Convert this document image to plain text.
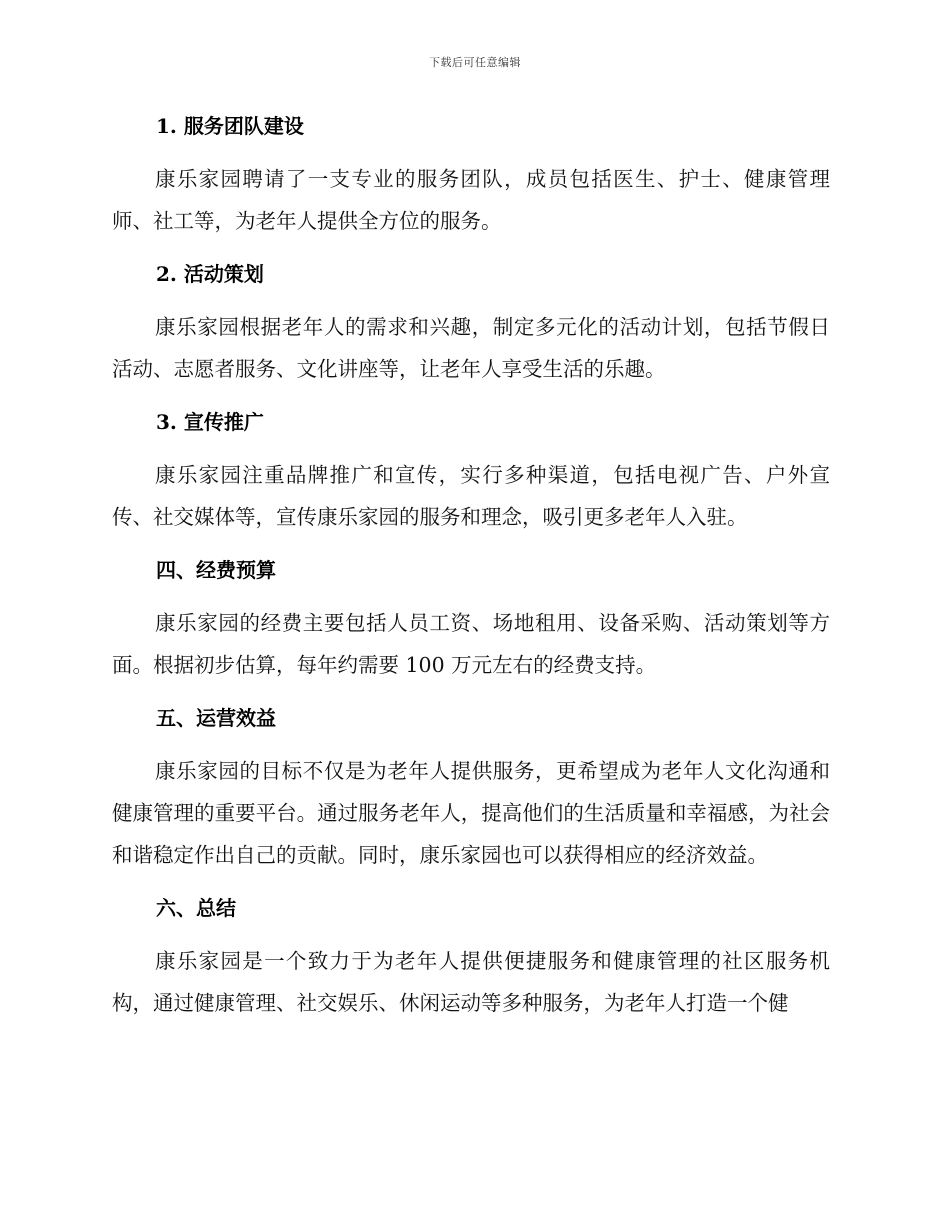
下载后可任意编辑
1. 服务团队建设

康乐家园聘请了一支专业的服务团队，成员包括医生、护士、健康管理师、社工等，为老年人提供全方位的服务。

2. 活动策划

康乐家园根据老年人的需求和兴趣，制定多元化的活动计划，包括节假日活动、志愿者服务、文化讲座等，让老年人享受生活的乐趣。

3. 宣传推广

康乐家园注重品牌推广和宣传，实行多种渠道，包括电视广告、户外宣传、社交媒体等，宣传康乐家园的服务和理念，吸引更多老年人入驻。

四、经费预算

康乐家园的经费主要包括人员工资、场地租用、设备采购、活动策划等方面。根据初步估算，每年约需要 100 万元左右的经费支持。

五、运营效益

康乐家园的目标不仅是为老年人提供服务，更希望成为老年人文化沟通和健康管理的重要平台。通过服务老年人，提高他们的生活质量和幸福感，为社会和谐稳定作出自己的贡献。同时，康乐家园也可以获得相应的经济效益。

六、总结

康乐家园是一个致力于为老年人提供便捷服务和健康管理的社区服务机构，通过健康管理、社交娱乐、休闲运动等多种服务，为老年人打造一个健
